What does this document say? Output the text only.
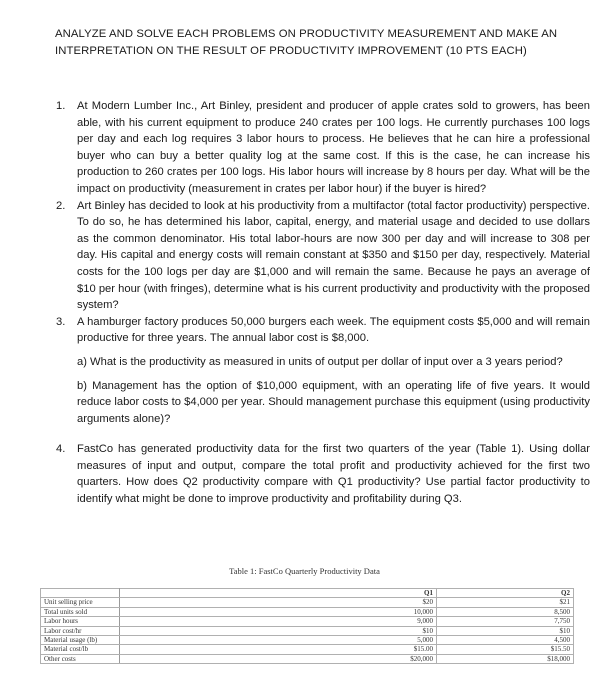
ANALYZE AND SOLVE EACH PROBLEMS ON PRODUCTIVITY MEASUREMENT AND MAKE AN INTERPRETATION ON THE RESULT OF PRODUCTIVITY IMPROVEMENT (10 PTS EACH)
1.	At Modern Lumber Inc., Art Binley, president and producer of apple crates sold to growers, has been able, with his current equipment to produce 240 crates per 100 logs. He currently purchases 100 logs per day and each log requires 3 labor hours to process. He believes that he can hire a professional buyer who can buy a better quality log at the same cost. If this is the case, he can increase his production to 260 crates per 100 logs. His labor hours will increase by 8 hours per day. What will be the impact on productivity (measurement in crates per labor hour) if the buyer is hired?
2.	Art Binley has decided to look at his productivity from a multifactor (total factor productivity) perspective. To do so, he has determined his labor, capital, energy, and material usage and decided to use dollars as the common denominator. His total labor-hours are now 300 per day and will increase to 308 per day. His capital and energy costs will remain constant at $350 and $150 per day, respectively. Material costs for the 100 logs per day are $1,000 and will remain the same. Because he pays an average of $10 per hour (with fringes), determine what is his current productivity and productivity with the proposed system?
3.	A hamburger factory produces 50,000 burgers each week. The equipment costs $5,000 and will remain productive for three years. The annual labor cost is $8,000.
a) What is the productivity as measured in units of output per dollar of input over a 3 years period?
b) Management has the option of $10,000 equipment, with an operating life of five years. It would reduce labor costs to $4,000 per year. Should management purchase this equipment (using productivity arguments alone)?
4.	FastCo has generated productivity data for the first two quarters of the year (Table 1). Using dollar measures of input and output, compare the total profit and productivity achieved for the first two quarters. How does Q2 productivity compare with Q1 productivity? Use partial factor productivity to identify what might be done to improve productivity and profitability during Q3.
Table 1: FastCo Quarterly Productivity Data
	Q1	Q2
Unit selling price	$20	$21
Total units sold	10,000	8,500
Labor hours	9,000	7,750
Labor cost/hr	$10	$10
Material usage (lb)	5,000	4,500
Material cost/lb	$15.00	$15.50
Other costs	$20,000	$18,000
